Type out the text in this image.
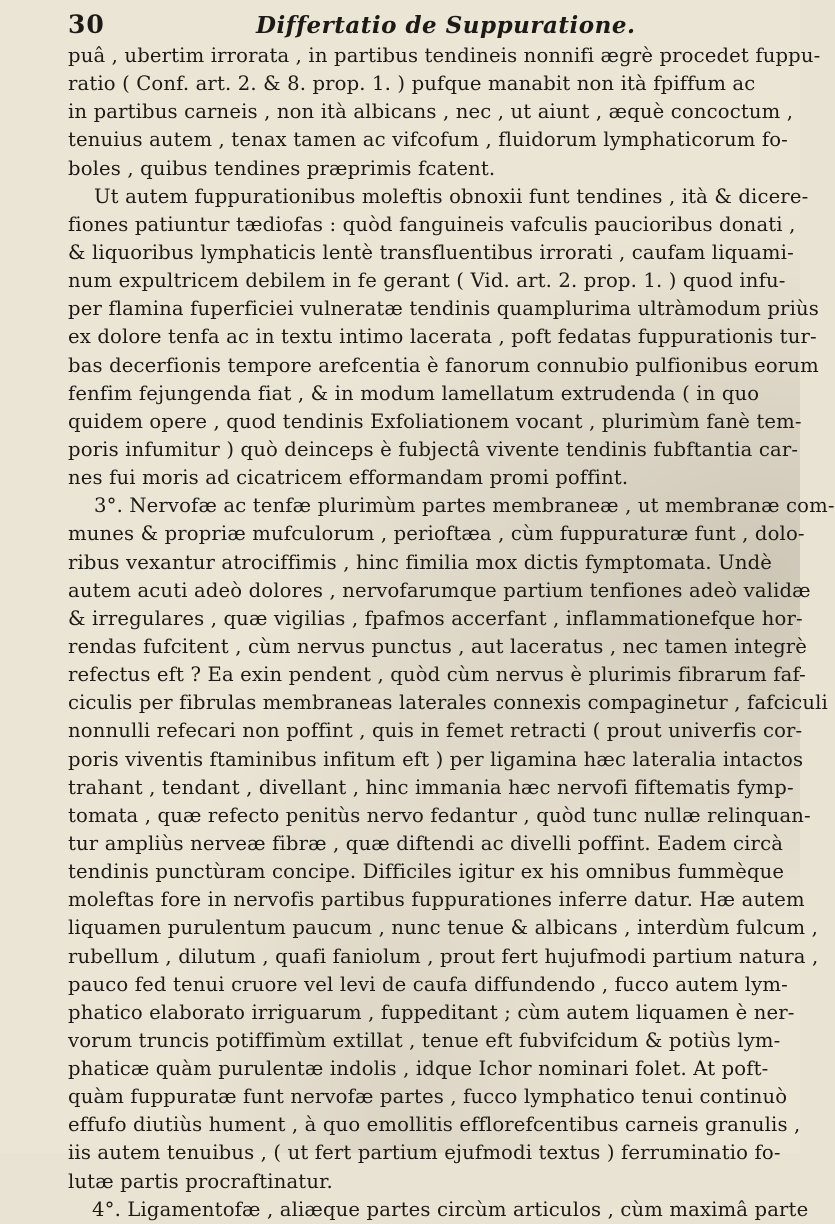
30	Differtatio de Suppuratione.
puâ , ubertim irrorata , in partibus tendineis nonnifi ægrè procedet fuppu-
ratio ( Conf. art. 2. & 8. prop. 1. ) pufque manabit non ità fpiffum ac
in partibus carneis , non ità albicans , nec , ut aiunt , æquè concoctum ,
tenuius autem , tenax tamen ac vifcofum , fluidorum lymphaticorum fo-
boles , quibus tendines præprimis fcatent.
Ut autem fuppurationibus moleftis obnoxii funt tendines , ità & dicere-
fiones patiuntur tædiofas : quòd fanguineis vafculis paucioribus donati ,
& liquoribus lymphaticis lentè transfluentibus irrorati , caufam liquami-
num expultricem debilem in fe gerant ( Vid. art. 2. prop. 1. ) quod infu-
per flamina fuperficiei vulneratæ tendinis quamplurima ultràmodum priùs
ex dolore tenfa ac in textu intimo lacerata , poft fedatas fuppurationis tur-
bas decerfionis tempore arefcentia è fanorum connubio pulfionibus eorum
fenfim fejungenda fiat , & in modum lamellatum extrudenda ( in quo
quidem opere , quod tendinis Exfoliationem vocant , plurimùm fanè tem-
poris infumitur ) quò deinceps è fubjectâ vivente tendinis fubftantia car-
nes fui moris ad cicatricem efformandam promi poffint.
3°. Nervofæ ac tenfæ plurimùm partes membraneæ , ut membranæ com-
munes & propriæ mufculorum , perioftæa , cùm fuppuraturæ funt , dolo-
ribus vexantur atrociffimis , hinc fimilia mox dictis fymptomata. Undè
autem acuti adeò dolores , nervofarumque partium tenfiones adeò validæ
& irregulares , quæ vigilias , fpafmos accerfant , inflammationefque hor-
rendas fufcitent , cùm nervus punctus , aut laceratus , nec tamen integrè
refectus eft ? Ea exin pendent , quòd cùm nervus è plurimis fibrarum faf-
ciculis per fibrulas membraneas laterales connexis compaginetur , fafciculi
nonnulli refecari non poffint , quis in femet retracti ( prout univerfis cor-
poris viventis ftaminibus infitum eft ) per ligamina hæc lateralia intactos
trahant , tendant , divellant , hinc immania hæc nervofi fiftematis fymp-
tomata , quæ refecto penitùs nervo fedantur , quòd tunc nullæ relinquan-
tur ampliùs nerveæ fibræ , quæ diftendi ac divelli poffint. Eadem circà
tendinis punctùram concipe. Difficiles igitur ex his omnibus fummèque
moleftas fore in nervofis partibus fuppurationes inferre datur. Hæ autem
liquamen purulentum paucum , nunc tenue & albicans , interdùm fulcum ,
rubellum , dilutum , quafi faniolum , prout fert hujufmodi partium natura ,
pauco fed tenui cruore vel levi de caufa diffundendo , fucco autem lym-
phatico elaborato irriguarum , fuppeditant ; cùm autem liquamen è ner-
vorum truncis potiffimùm extillat , tenue eft fubvifcidum & potiùs lym-
phaticæ quàm purulentæ indolis , idque Ichor nominari folet. At poft-
quàm fuppuratæ funt nervofæ partes , fucco lymphatico tenui continuò
effufo diutiùs hument , à quo emollitis efflorefcentibus carneis granulis ,
iis autem tenuibus , ( ut fert partium ejufmodi textus ) ferruminatio fo-
lutæ partis procraftinatur.
4°. Ligamentofæ , aliæque partes circùm articulos , cùm maximâ parte
